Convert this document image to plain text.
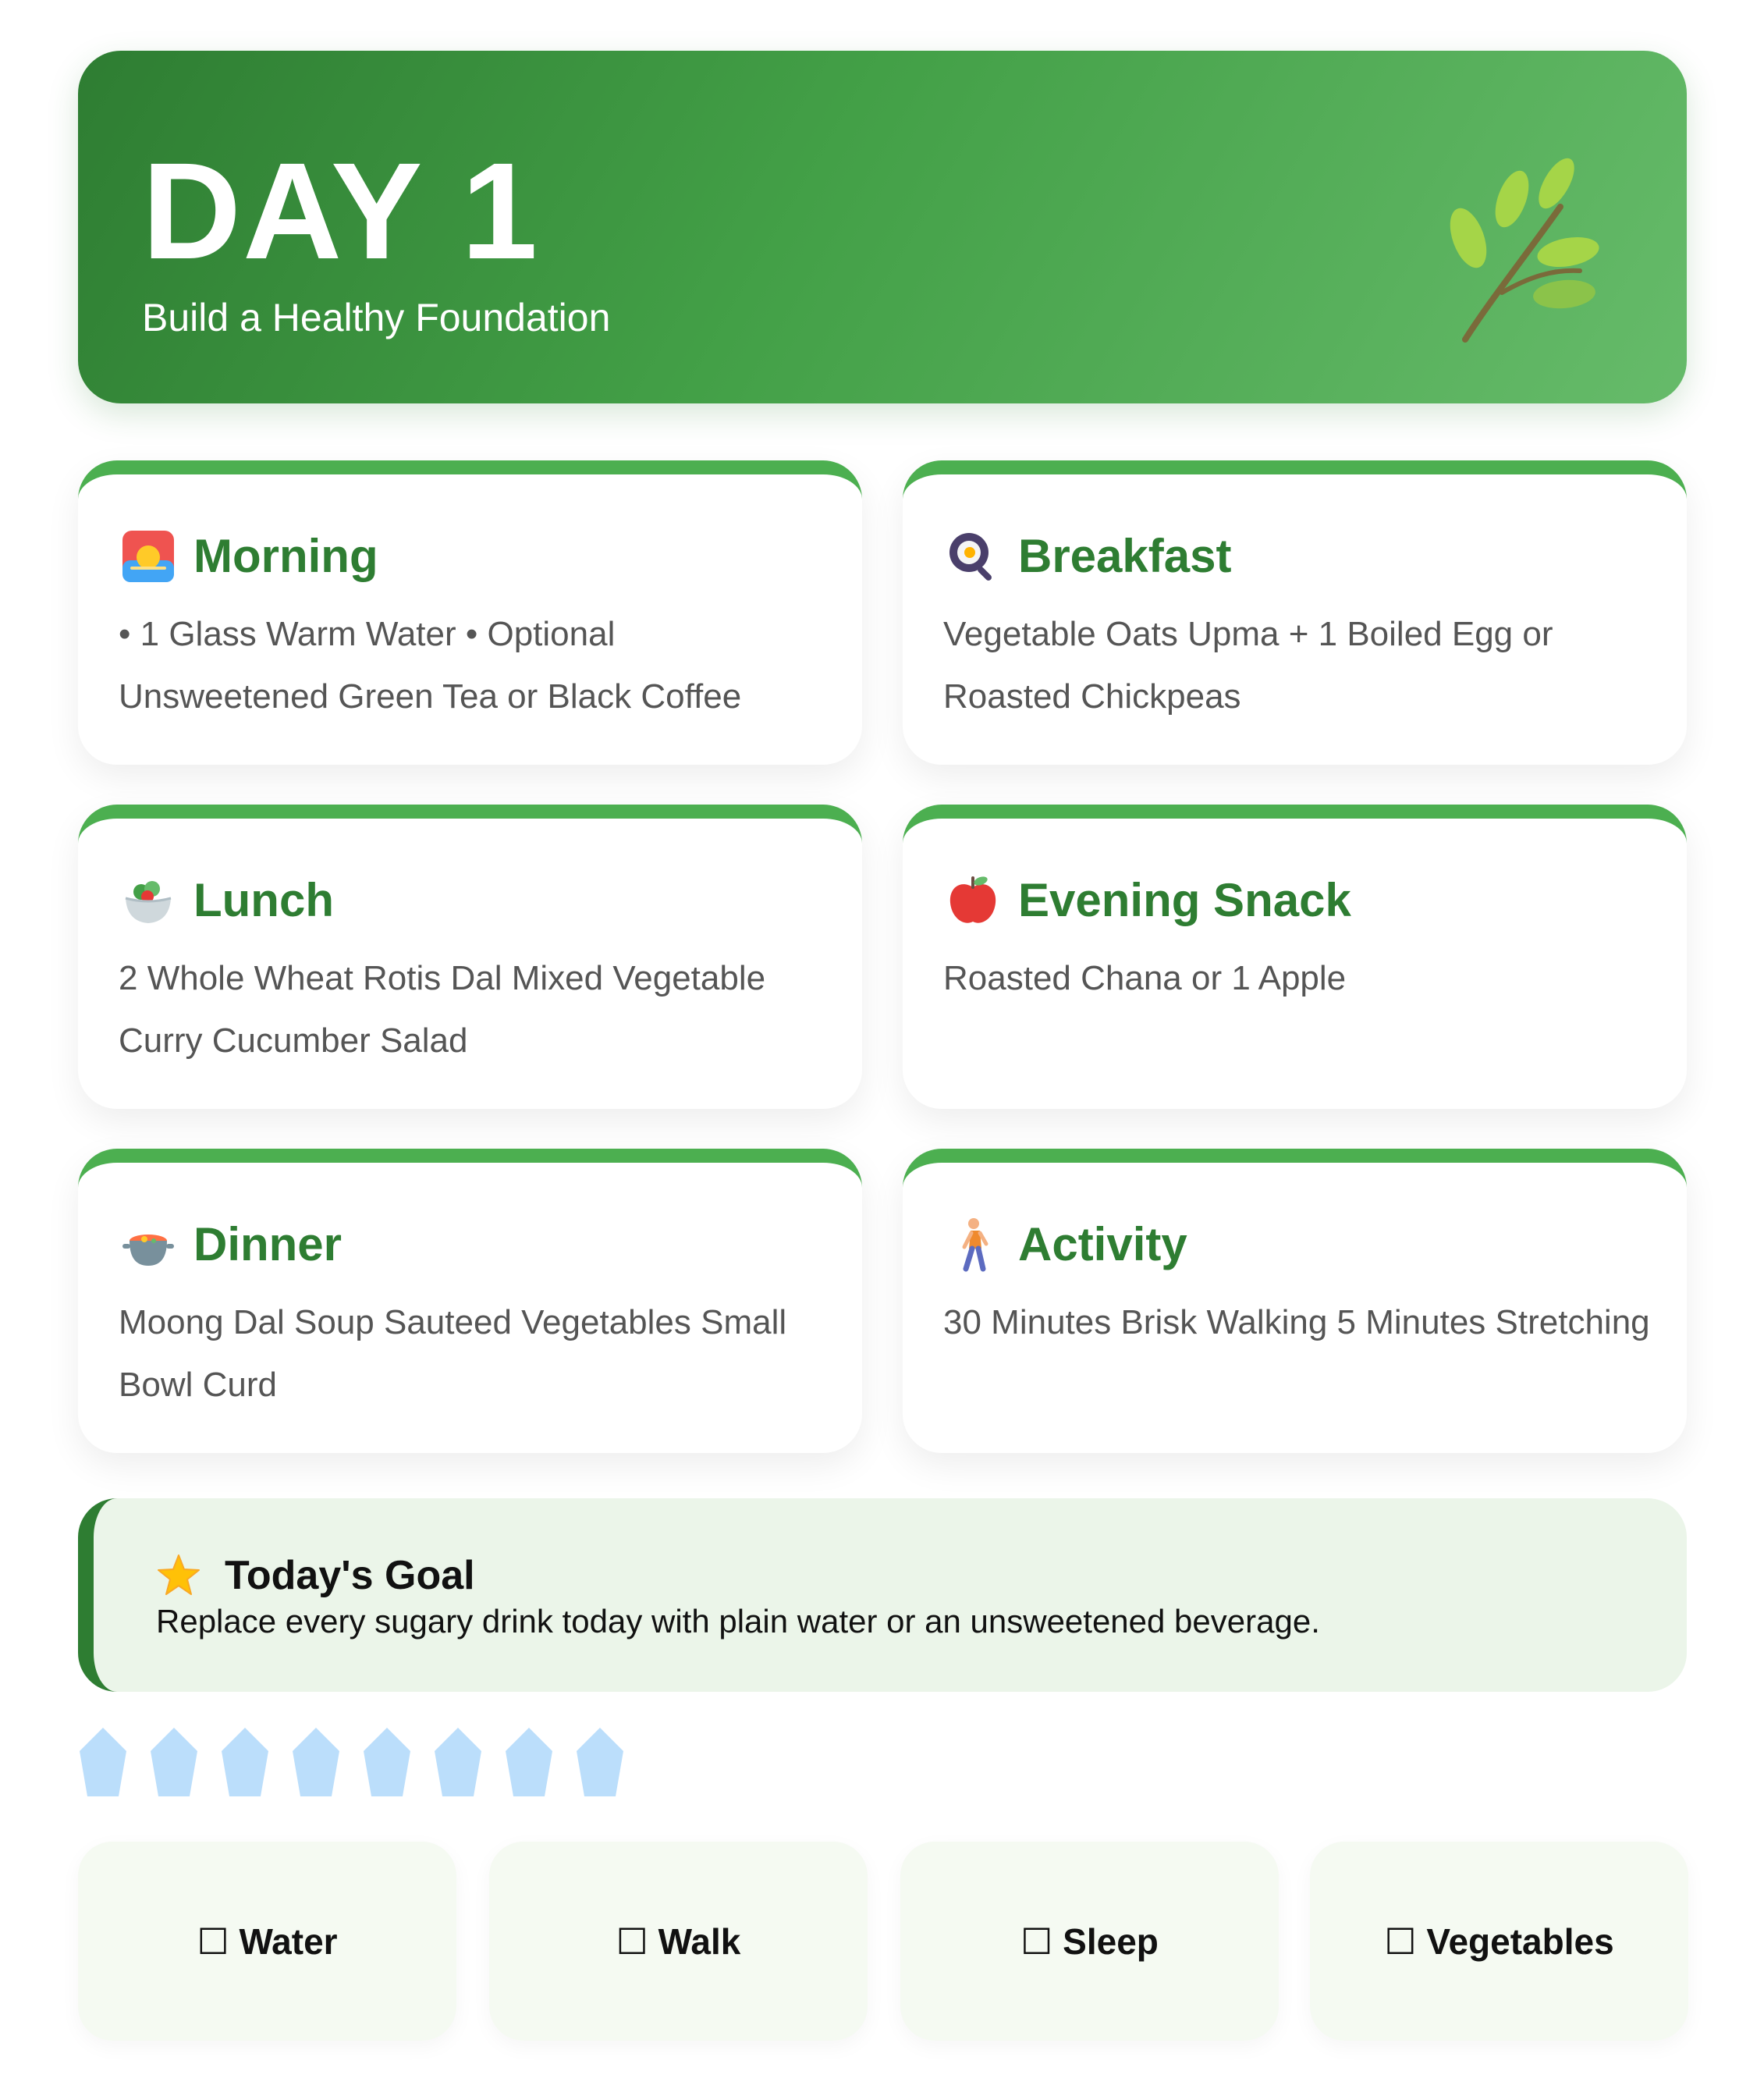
DAY 1
Build a Healthy Foundation
Morning
• 1 Glass Warm Water • Optional Unsweetened Green Tea or Black Coffee
Breakfast
Vegetable Oats Upma + 1 Boiled Egg or Roasted Chickpeas
Lunch
2 Whole Wheat Rotis Dal Mixed Vegetable Curry Cucumber Salad
Evening Snack
Roasted Chana or 1 Apple
Dinner
Moong Dal Soup Sauteed Vegetables Small Bowl Curd
Activity
30 Minutes Brisk Walking 5 Minutes Stretching
Today's Goal
Replace every sugary drink today with plain water or an unsweetened beverage.
☐ Water	☐ Walk	☐ Sleep	☐ Vegetables
